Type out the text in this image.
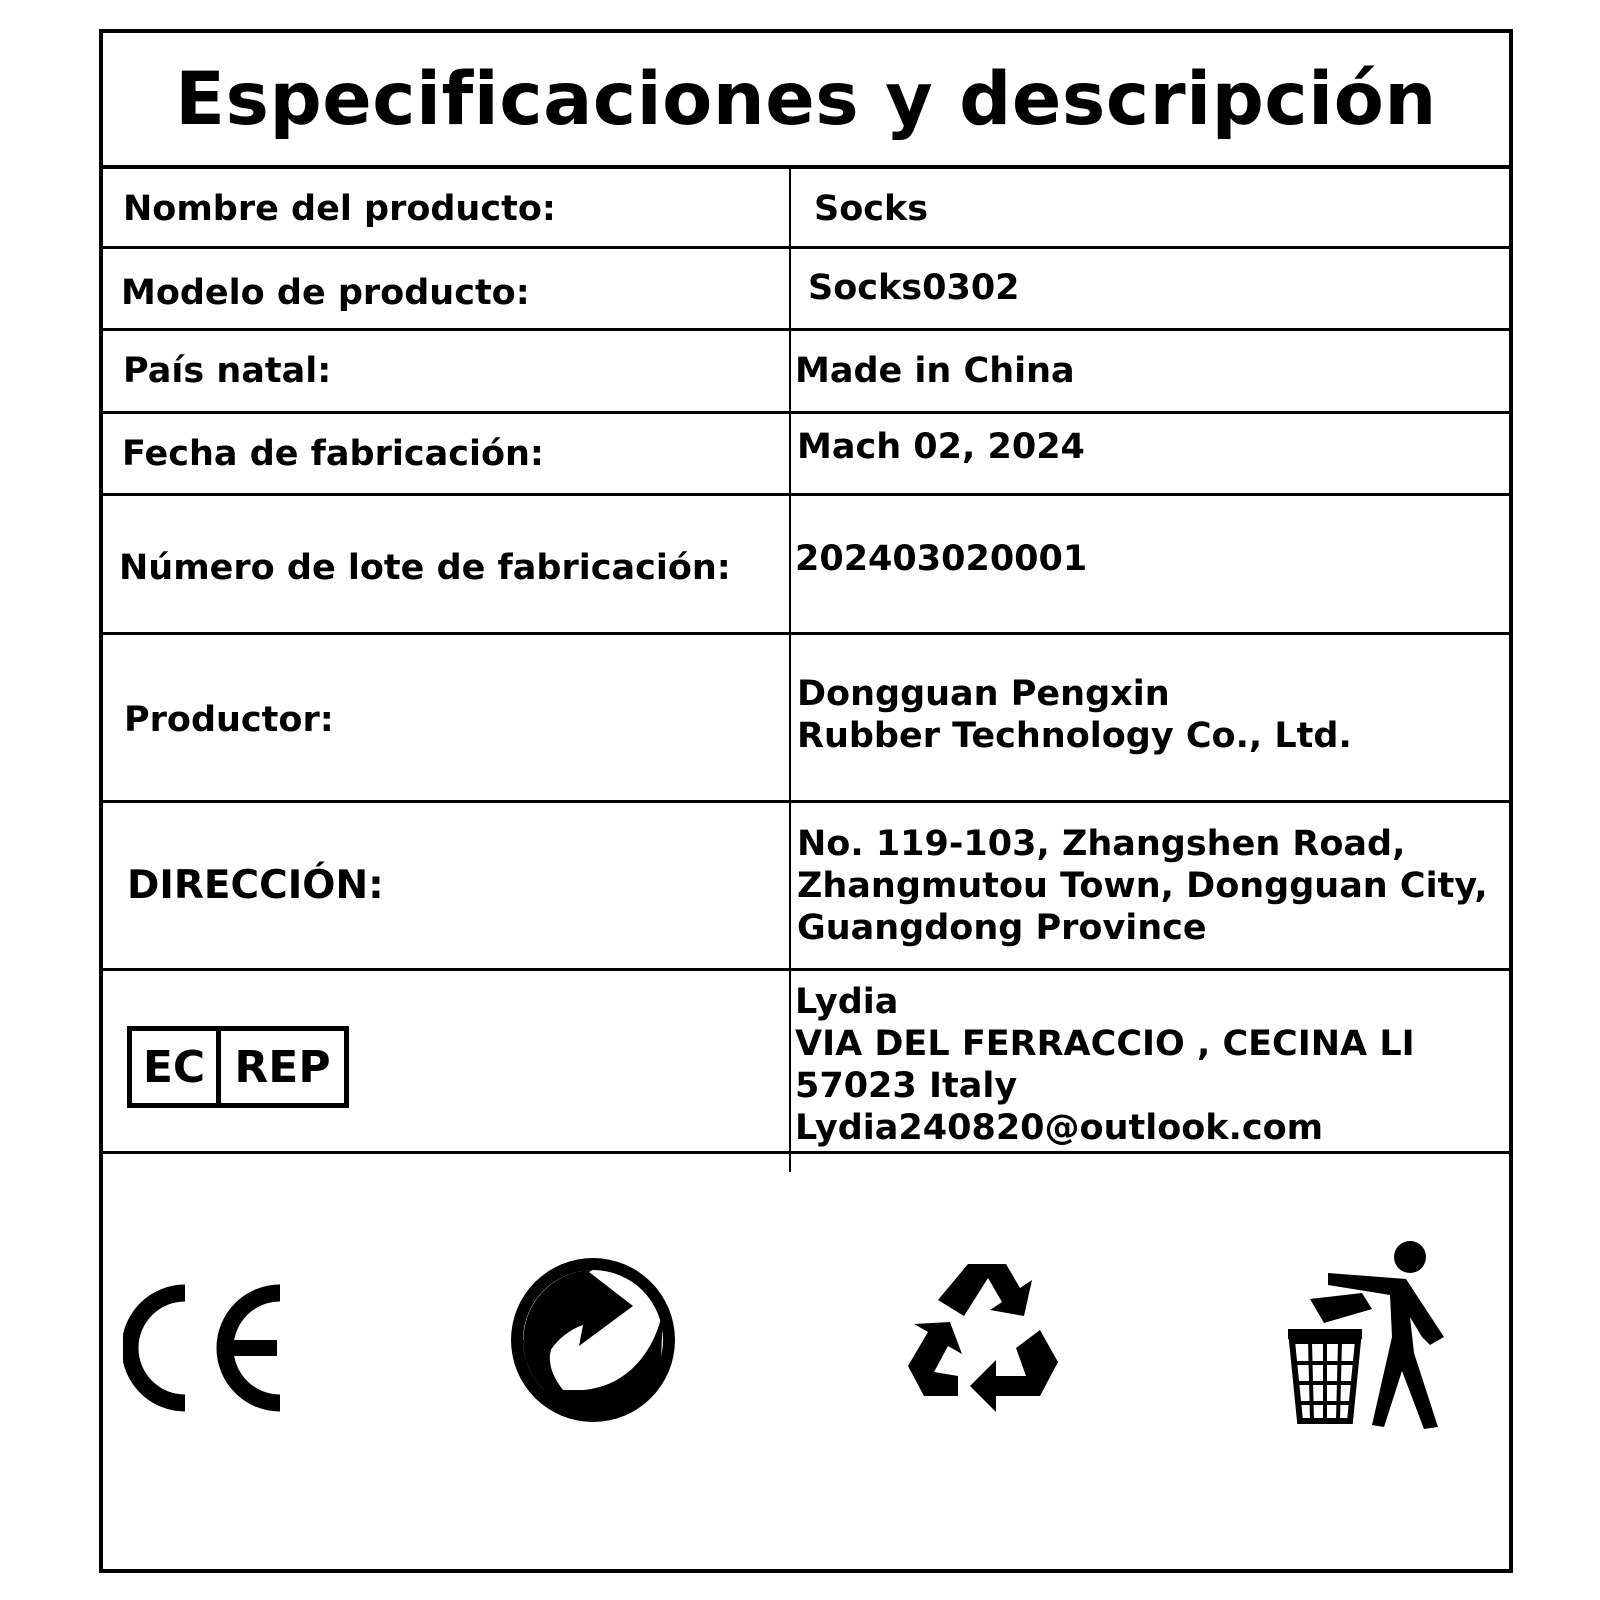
Especificaciones y descripción
Nombre del producto:	Socks
Modelo de producto:	Socks0302
País natal:	Made in China
Fecha de fabricación:	Mach 02, 2024
Número de lote de fabricación: 202403020001
Productor:
Dongguan Pengxin
Rubber Technology Co., Ltd.
DIRECCIÓN:
No. 119-103, Zhangshen Road,
Zhangmutou Town, Dongguan City,
Guangdong Province
EC REP
Lydia
VIA DEL FERRACCIO , CECINA LI
57023 Italy
Lydia240820@outlook.com
